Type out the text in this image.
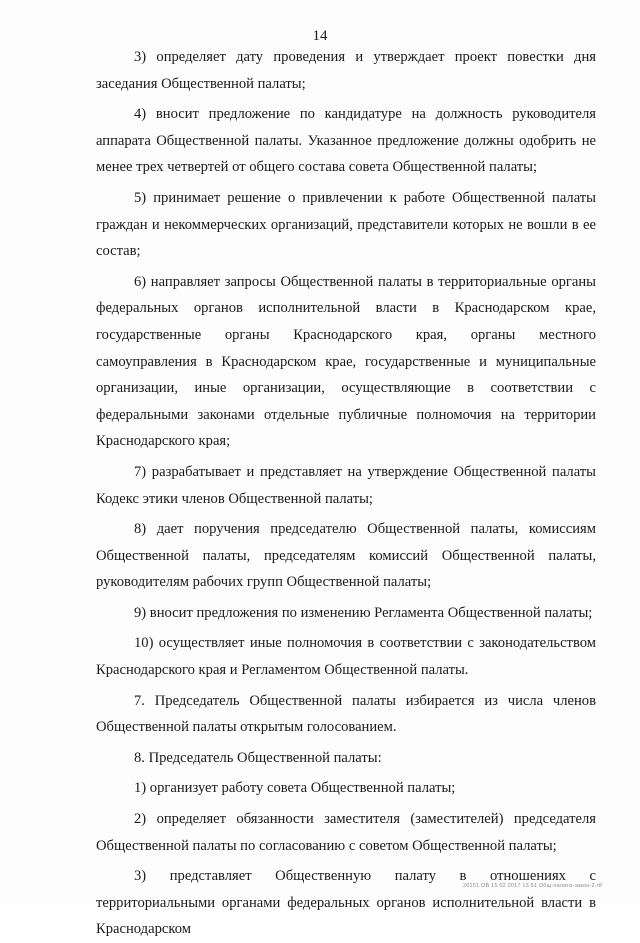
14

3) определяет дату проведения и утверждает проект повестки дня заседания Общественной палаты;

4) вносит предложение по кандидатуре на должность руководителя аппарата Общественной палаты. Указанное предложение должны одобрить не менее трех четвертей от общего состава совета Общественной палаты;

5) принимает решение о привлечении к работе Общественной палаты граждан и некоммерческих организаций, представители которых не вошли в ее состав;

6) направляет запросы Общественной палаты в территориальные органы федеральных органов исполнительной власти в Краснодарском крае, государственные органы Краснодарского края, органы местного самоуправления в Краснодарском крае, государственные и муниципальные организации, иные организации, осуществляющие в соответствии с федеральными законами отдельные публичные полномочия на территории Краснодарского края;

7) разрабатывает и представляет на утверждение Общественной палаты Кодекс этики членов Общественной палаты;

8) дает поручения председателю Общественной палаты, комиссиям Общественной палаты, председателям комиссий Общественной палаты, руководителям рабочих групп Общественной палаты;

9) вносит предложения по изменению Регламента Общественной палаты;

10) осуществляет иные полномочия в соответствии с законодательством Краснодарского края и Регламентом Общественной палаты.

7. Председатель Общественной палаты избирается из числа членов Общественной палаты открытым голосованием.

8. Председатель Общественной палаты:

1) организует работу совета Общественной палаты;

2) определяет обязанности заместителя (заместителей) председателя Общественной палаты по согласованию с советом Общественной палаты;

3) представляет Общественную палату в отношениях с территориальными органами федеральных органов исполнительной власти в Краснодарском

20151 OB 15 02 2017 13 51 Общ-палата-закон-2.rtf
